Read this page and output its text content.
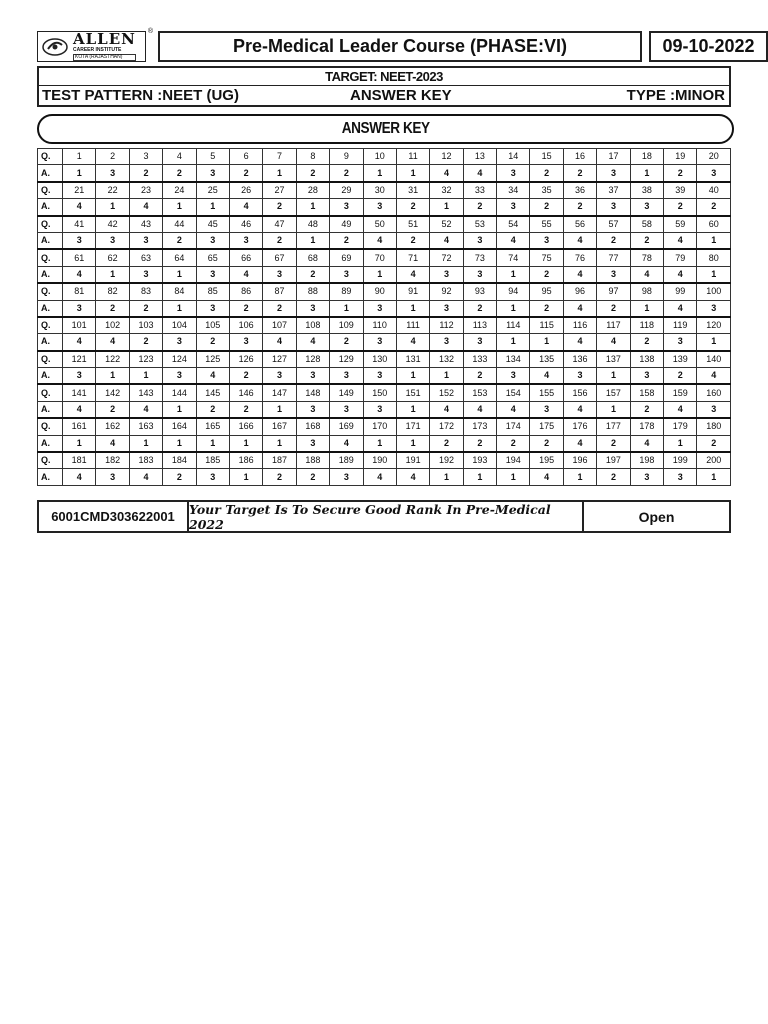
ALLEN
CAREER INSTITUTE
KOTA (RAJASTHAN)
®
Pre-Medical Leader Course (PHASE:VI)	09-10-2022
TARGET: NEET-2023
TEST PATTERN :NEET (UG)	ANSWER KEY	TYPE :MINOR
ANSWER KEY
Q.	1	2	3	4	5	6	7	8	9	10	11	12	13	14	15	16	17	18	19	20
A.	1	3	2	2	3	2	1	2	2	1	1	4	4	3	2	2	3	1	2	3
Q.	21	22	23	24	25	26	27	28	29	30	31	32	33	34	35	36	37	38	39	40
A.	4	1	4	1	1	4	2	1	3	3	2	1	2	3	2	2	3	3	2	2
Q.	41	42	43	44	45	46	47	48	49	50	51	52	53	54	55	56	57	58	59	60
A.	3	3	3	2	3	3	2	1	2	4	2	4	3	4	3	4	2	2	4	1
Q.	61	62	63	64	65	66	67	68	69	70	71	72	73	74	75	76	77	78	79	80
A.	4	1	3	1	3	4	3	2	3	1	4	3	3	1	2	4	3	4	4	1
Q.	81	82	83	84	85	86	87	88	89	90	91	92	93	94	95	96	97	98	99	100
A.	3	2	2	1	3	2	2	3	1	3	1	3	2	1	2	4	2	1	4	3
Q.	101	102	103	104	105	106	107	108	109	110	111	112	113	114	115	116	117	118	119	120
A.	4	4	2	3	2	3	4	4	2	3	4	3	3	1	1	4	4	2	3	1
Q.	121	122	123	124	125	126	127	128	129	130	131	132	133	134	135	136	137	138	139	140
A.	3	1	1	3	4	2	3	3	3	3	1	1	2	3	4	3	1	3	2	4
Q.	141	142	143	144	145	146	147	148	149	150	151	152	153	154	155	156	157	158	159	160
A.	4	2	4	1	2	2	1	3	3	3	1	4	4	4	3	4	1	2	4	3
Q.	161	162	163	164	165	166	167	168	169	170	171	172	173	174	175	176	177	178	179	180
A.	1	4	1	1	1	1	1	3	4	1	1	2	2	2	2	4	2	4	1	2
Q.	181	182	183	184	185	186	187	188	189	190	191	192	193	194	195	196	197	198	199	200
A.	4	3	4	2	3	1	2	2	3	4	4	1	1	1	4	1	2	3	3	1
6001CMD303622001	Your Target Is To Secure Good Rank In Pre-Medical 2022	Open
